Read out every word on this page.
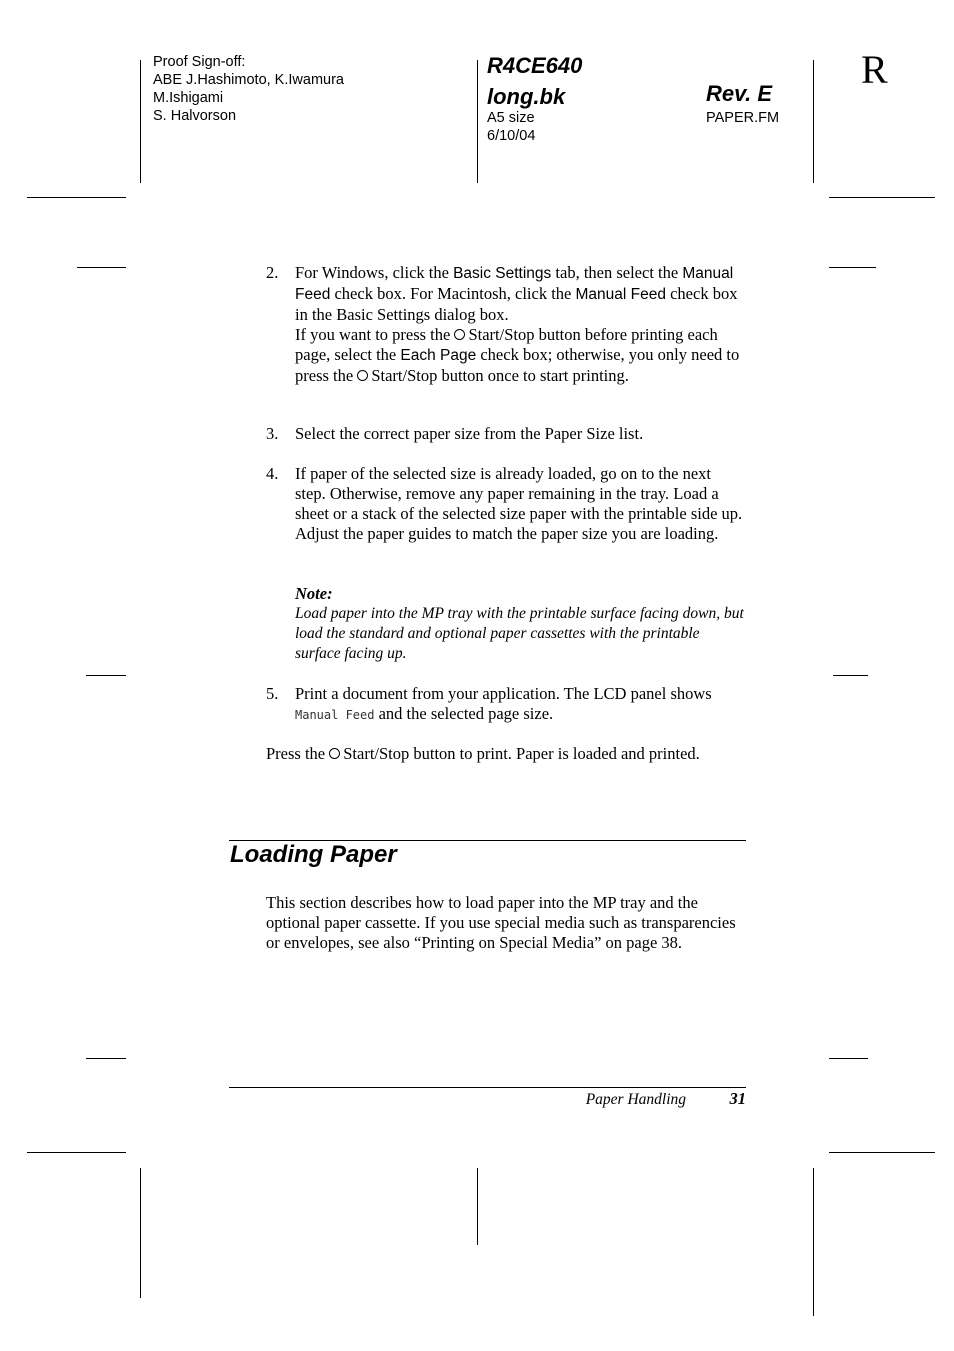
Proof Sign-off:
ABE J.Hashimoto, K.Iwamura
M.Ishigami
S. Halvorson
R4CE640
long.bk	Rev. E
A5 size
6/10/04
PAPER.FM
R
2. For Windows, click the Basic Settings tab, then select the Manual Feed check box. For Macintosh, click the Manual Feed check box in the Basic Settings dialog box.
If you want to press the Start/Stop button before printing each page, select the Each Page check box; otherwise, you only need to press the Start/Stop button once to start printing.
3. Select the correct paper size from the Paper Size list.
4. If paper of the selected size is already loaded, go on to the next step. Otherwise, remove any paper remaining in the tray. Load a sheet or a stack of the selected size paper with the printable side up. Adjust the paper guides to match the paper size you are loading.
Note:
Load paper into the MP tray with the printable surface facing down, but load the standard and optional paper cassettes with the printable surface facing up.
5. Print a document from your application. The LCD panel shows Manual Feed and the selected page size.
Press the Start/Stop button to print. Paper is loaded and printed.
Loading Paper
This section describes how to load paper into the MP tray and the optional paper cassette. If you use special media such as transparencies or envelopes, see also “Printing on Special Media” on page 38.
Paper Handling	31
